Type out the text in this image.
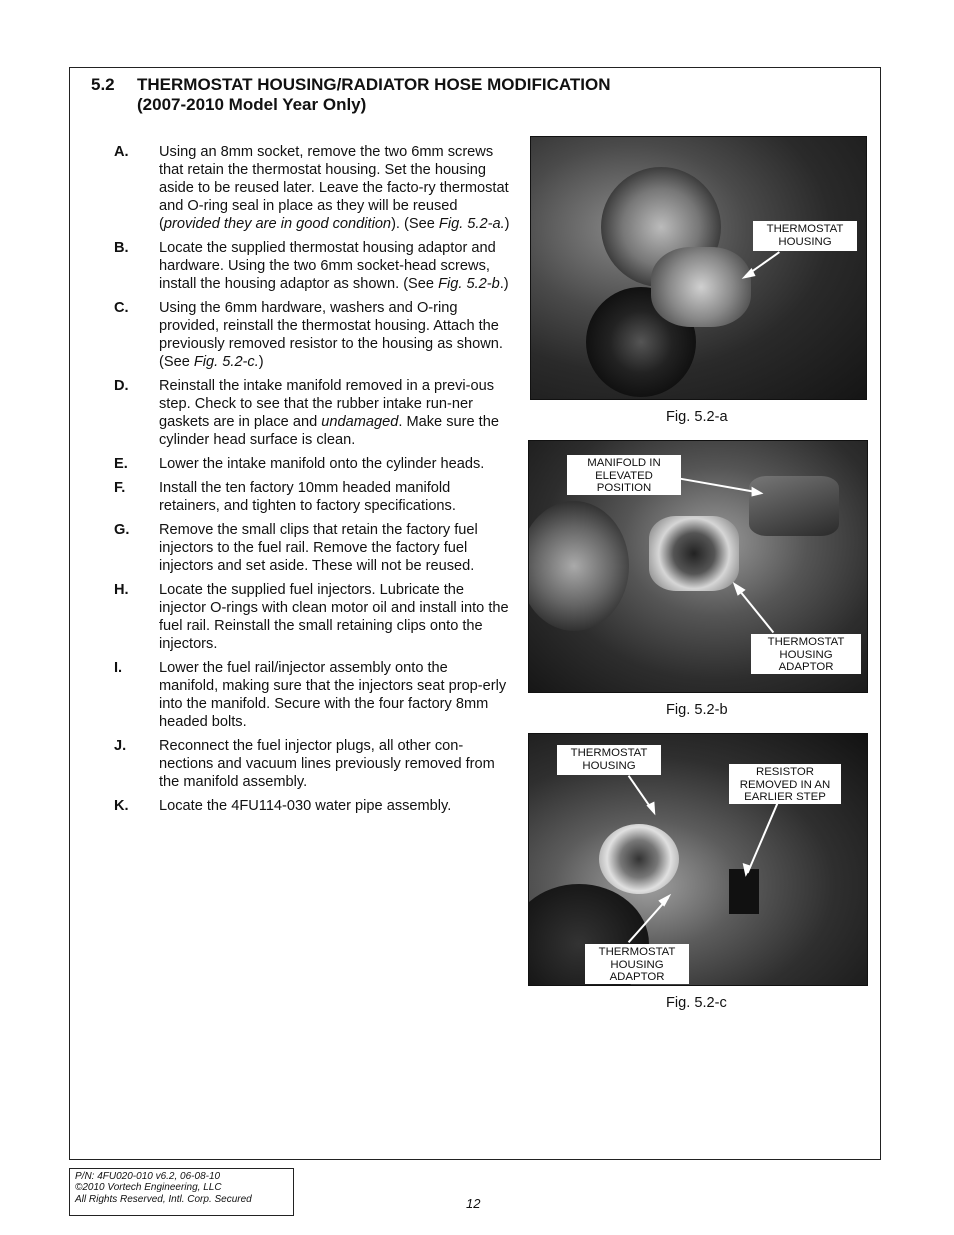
5.2 THERMOSTAT HOUSING/RADIATOR HOSE MODIFICATION
(2007-2010 Model Year Only)
A. Using an 8mm socket, remove the two 6mm screws that retain the thermostat housing. Set the housing aside to be reused later. Leave the facto-ry thermostat and O-ring seal in place as they will be reused (provided they are in good condition). (See Fig. 5.2-a.)
B. Locate the supplied thermostat housing adaptor and hardware. Using the two 6mm socket-head screws, install the housing adaptor as shown. (See Fig. 5.2-b.)
C. Using the 6mm hardware, washers and O-ring provided, reinstall the thermostat housing. Attach the previously removed resistor to the housing as shown. (See Fig. 5.2-c.)
D. Reinstall the intake manifold removed in a previ-ous step. Check to see that the rubber intake run-ner gaskets are in place and undamaged. Make sure the cylinder head surface is clean.
E. Lower the intake manifold onto the cylinder heads.
F. Install the ten factory 10mm headed manifold retainers, and tighten to factory specifications.
G. Remove the small clips that retain the factory fuel injectors to the fuel rail. Remove the factory fuel injectors and set aside. These will not be reused.
H. Locate the supplied fuel injectors. Lubricate the injector O-rings with clean motor oil and install into the fuel rail. Reinstall the small retaining clips onto the injectors.
I.	Lower the fuel rail/injector assembly onto the manifold, making sure that the injectors seat prop-erly into the manifold. Secure with the four factory 8mm headed bolts.
J. Reconnect the fuel injector plugs, all other con-nections and vacuum lines previously removed from the manifold assembly.
K. Locate the 4FU114-030 water pipe assembly.
THERMOSTAT
HOUSING
Fig. 5.2-a
MANIFOLD IN
ELEVATED
POSITION
THERMOSTAT
HOUSING
ADAPTOR
Fig. 5.2-b
THERMOSTAT
HOUSING
RESISTOR
REMOVED IN AN
EARLIER STEP
THERMOSTAT
HOUSING
ADAPTOR
Fig. 5.2-c
P/N: 4FU020-010 v6.2, 06-08-10
©2010 Vortech Engineering, LLC
All Rights Reserved, Intl. Corp. Secured	12
